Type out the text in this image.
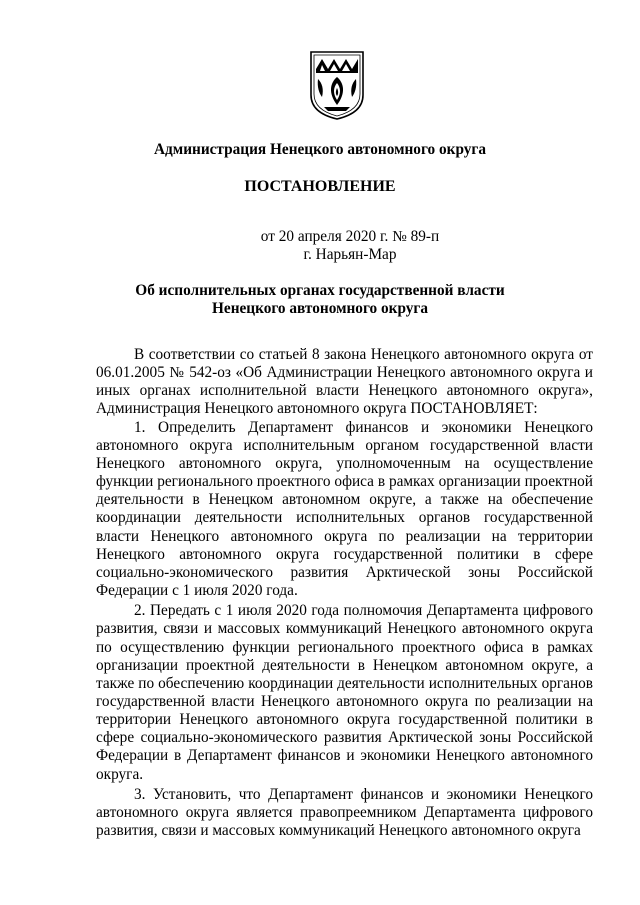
Администрация Ненецкого автономного округа
ПОСТАНОВЛЕНИЕ
от 20 апреля 2020 г. № 89-п
г. Нарьян-Мар
Об исполнительных органах государственной власти
Ненецкого автономного округа

В соответствии со статьей 8 закона Ненецкого автономного округа от 06.01.2005 № 542-оз «Об Администрации Ненецкого автономного округа и иных органах исполнительной власти Ненецкого автономного округа», Администрация Ненецкого автономного округа ПОСТАНОВЛЯЕТ:

1. Определить Департамент финансов и экономики Ненецкого автономного округа исполнительным органом государственной власти Ненецкого автономного округа, уполномоченным на осуществление функции регионального проектного офиса в рамках организации проектной деятельности в Ненецком автономном округе, а также на обеспечение координации деятельности исполнительных органов государственной власти Ненецкого автономного округа по реализации на территории Ненецкого автономного округа государственной политики в сфере социально-экономического развития Арктической зоны Российской Федерации с 1 июля 2020 года.

2. Передать с 1 июля 2020 года полномочия Департамента цифрового развития, связи и массовых коммуникаций Ненецкого автономного округа по осуществлению функции регионального проектного офиса в рамках организации проектной деятельности в Ненецком автономном округе, а также по обеспечению координации деятельности исполнительных органов государственной власти Ненецкого автономного округа по реализации на территории Ненецкого автономного округа государственной политики в сфере социально-экономического развития Арктической зоны Российской Федерации в Департамент финансов и экономики Ненецкого автономного округа.

3. Установить, что Департамент финансов и экономики Ненецкого автономного округа является правопреемником Департамента цифрового развития, связи и массовых коммуникаций Ненецкого автономного округа
